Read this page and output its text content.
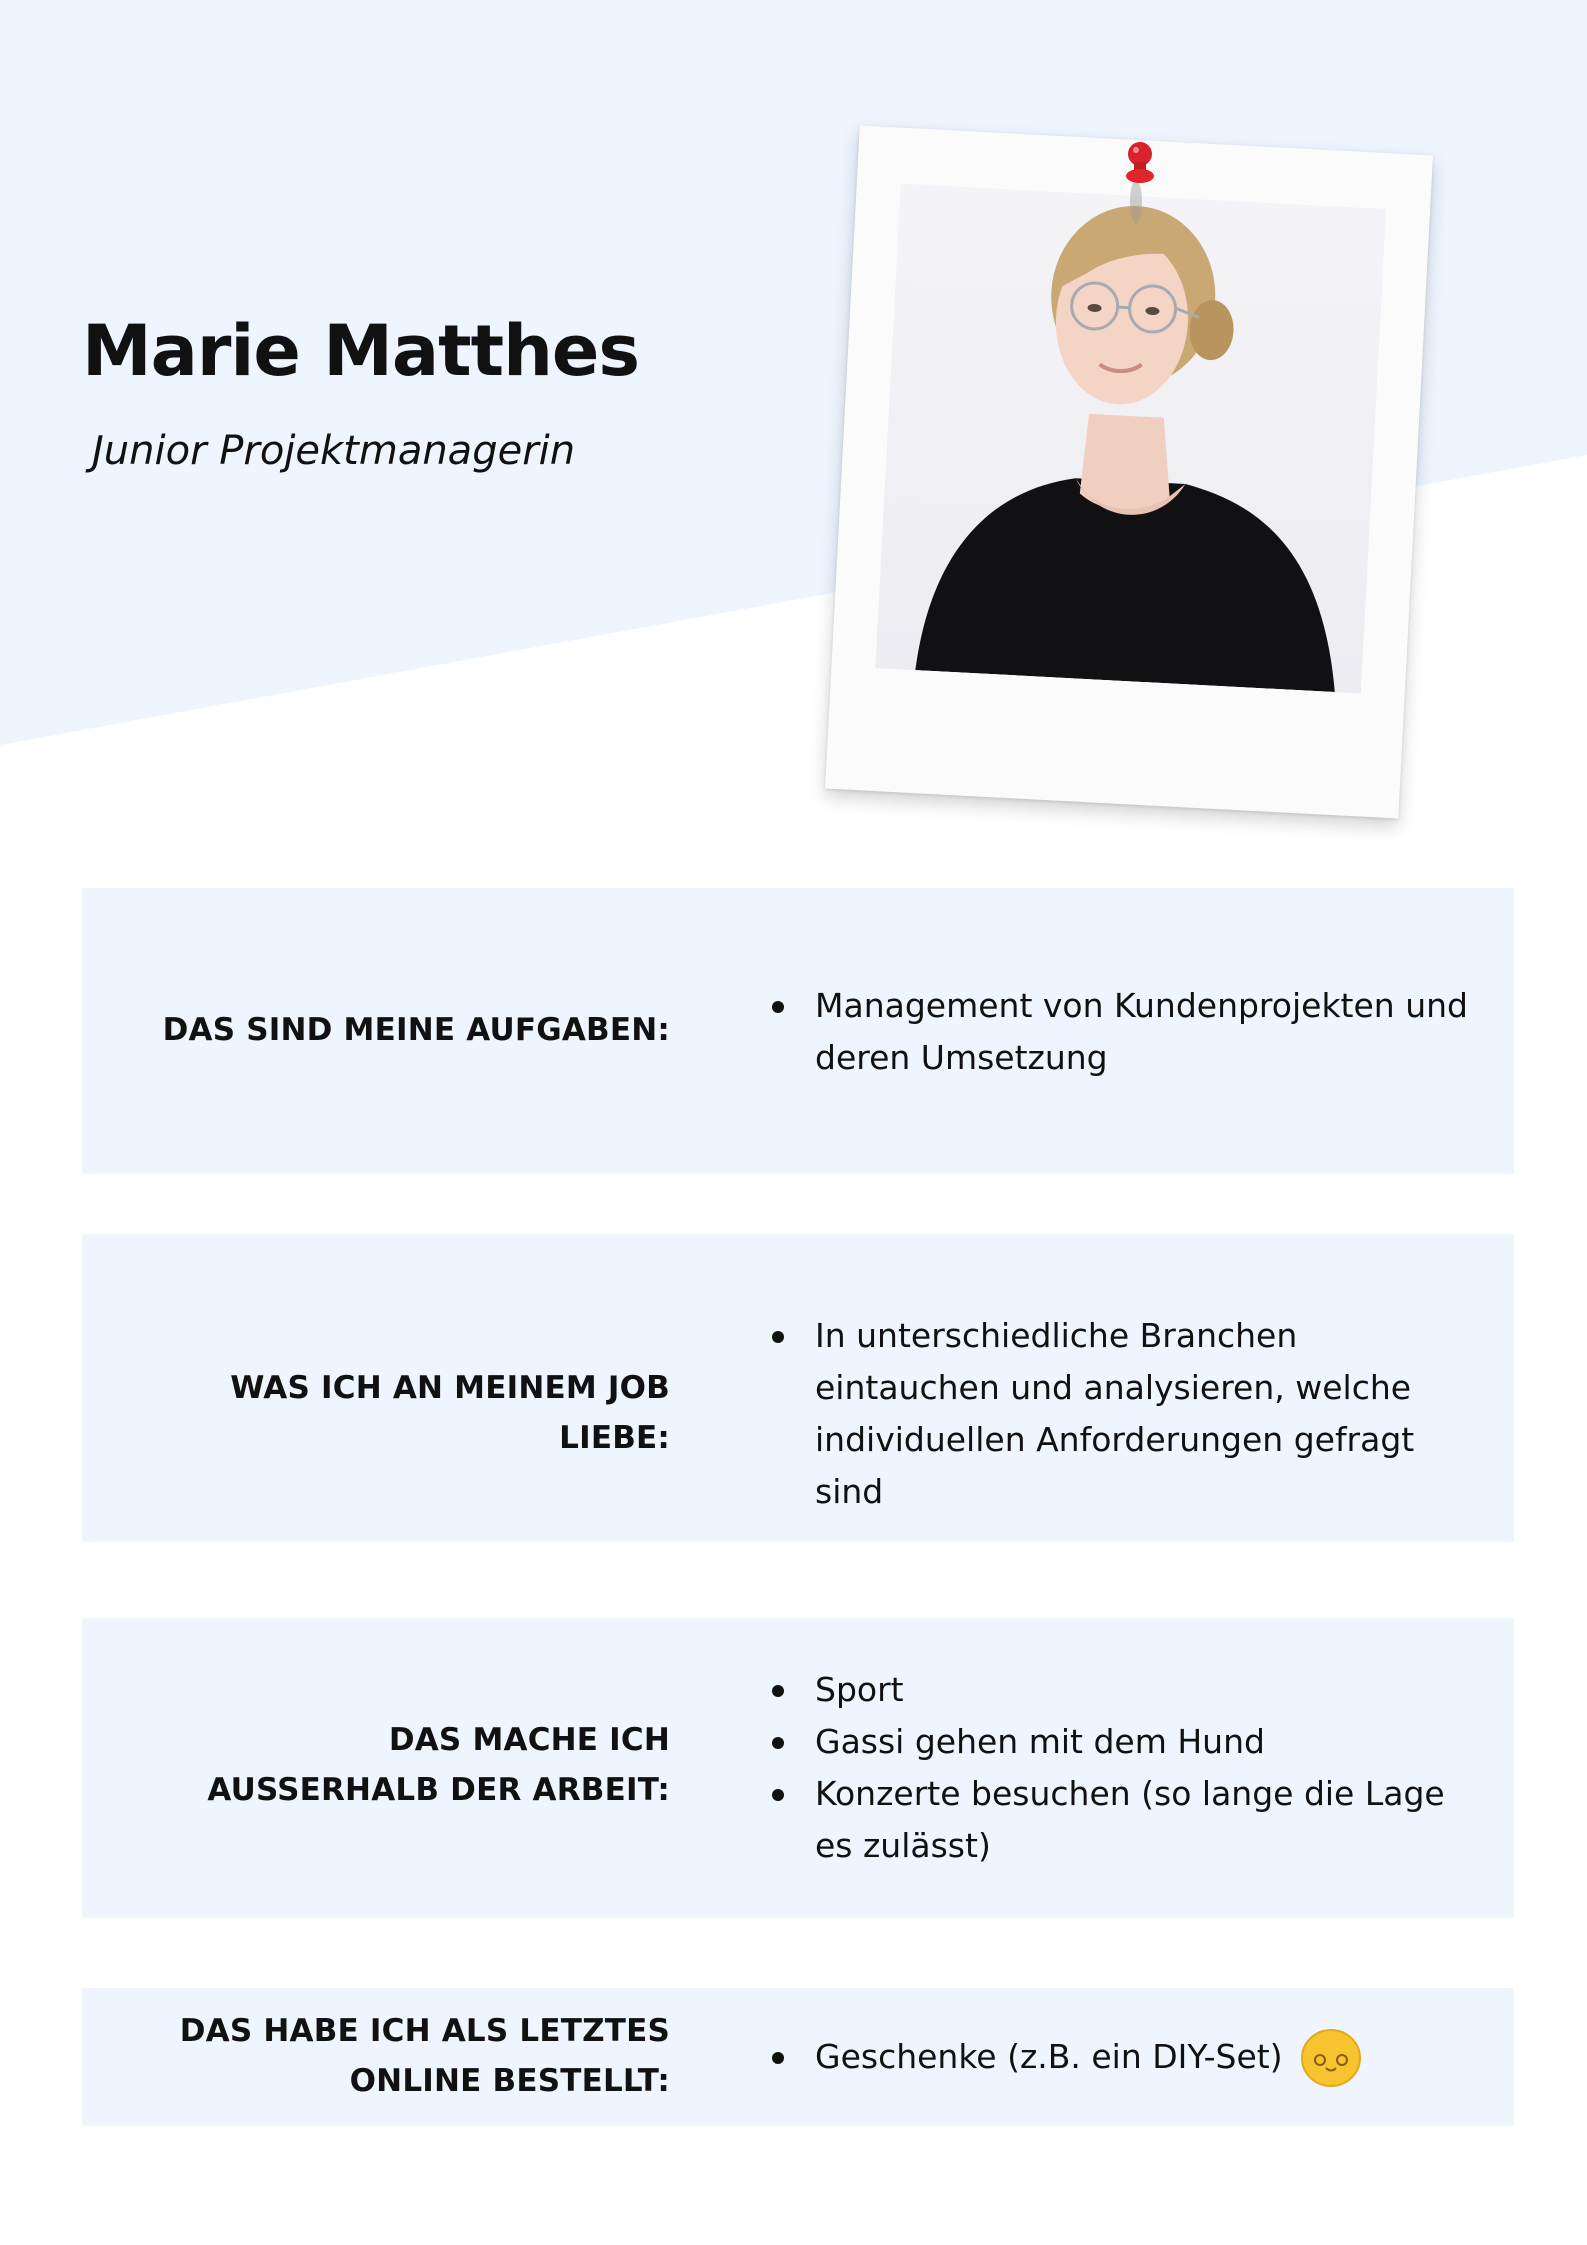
Marie Matthes

Junior Projektmanagerin

DAS SIND MEINE AUFGABEN:
Management von Kundenprojekten und deren Umsetzung
WAS ICH AN MEINEM JOB LIEBE:
In unterschiedliche Branchen eintauchen und analysieren, welche individuellen Anforderungen gefragt sind
DAS MACHE ICH
AUSSERHALB DER ARBEIT:
Sport
Gassi gehen mit dem Hund
Konzerte besuchen (so lange die Lage es zulässt)
DAS HABE ICH ALS LETZTES
ONLINE BESTELLT:
Geschenke (z.B. ein DIY-Set)
